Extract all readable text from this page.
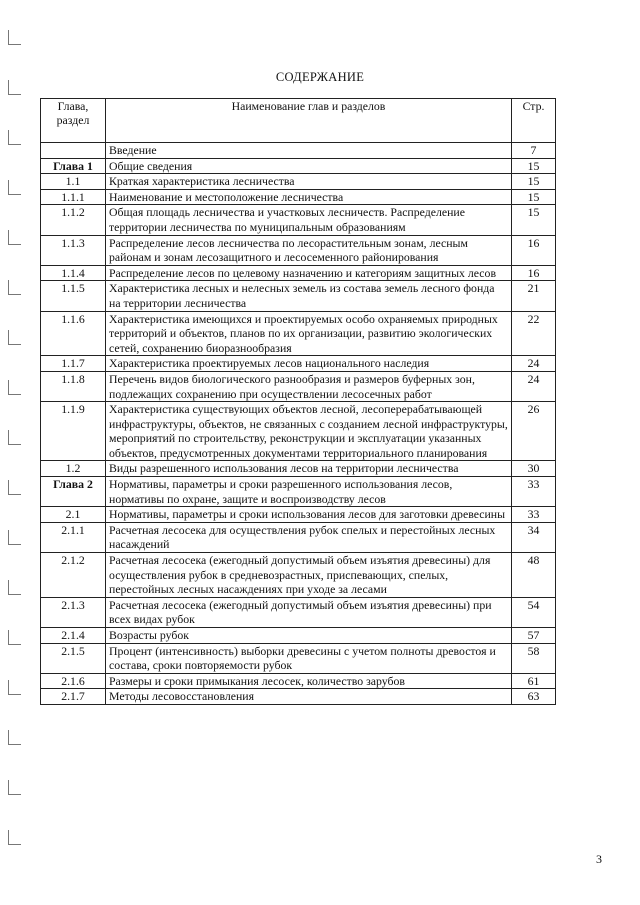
СОДЕРЖАНИЕ
Глава, раздел	Наименование глав и разделов	Стр.
	Введение	7
Глава 1	Общие сведения	15
1.1	Краткая характеристика лесничества	15
1.1.1	Наименование и местоположение лесничества	15
1.1.2	Общая площадь лесничества и участковых лесничеств. Распределение территории лесничества по муниципальным образованиям	15
1.1.3	Распределение лесов лесничества по лесорастительным зонам, лесным районам и зонам лесозащитного и лесосеменного районирования	16
1.1.4	Распределение лесов по целевому назначению и категориям защитных лесов	16
1.1.5	Характеристика лесных и нелесных земель из состава земель лесного фонда на территории лесничества	21
1.1.6	Характеристика имеющихся и проектируемых особо охраняемых природных территорий и объектов, планов по их организации, развитию экологических сетей, сохранению биоразнообразия	22
1.1.7	Характеристика проектируемых лесов национального наследия	24
1.1.8	Перечень видов биологического разнообразия и размеров буферных зон, подлежащих сохранению при осуществлении лесосечных работ	24
1.1.9	Характеристика существующих объектов лесной, лесоперерабатывающей инфраструктуры, объектов, не связанных с созданием лесной инфраструктуры, мероприятий по строительству, реконструкции и эксплуатации указанных объектов, предусмотренных документами территориального планирования	26
1.2	Виды разрешенного использования лесов на территории лесничества	30
Глава 2	Нормативы, параметры и сроки разрешенного использования лесов, нормативы по охране, защите и воспроизводству лесов	33
2.1	Нормативы, параметры и сроки использования лесов для заготовки древесины	33
2.1.1	Расчетная лесосека для осуществления рубок спелых и перестойных лесных насаждений	34
2.1.2	Расчетная лесосека (ежегодный допустимый объем изъятия древесины) для осуществления рубок в средневозрастных, приспевающих, спелых, перестойных лесных насаждениях при уходе за лесами	48
2.1.3	Расчетная лесосека (ежегодный допустимый объем изъятия древесины) при всех видах рубок	54
2.1.4	Возрасты рубок	57
2.1.5	Процент (интенсивность) выборки древесины с учетом полноты древостоя и состава, сроки повторяемости рубок	58
2.1.6	Размеры и сроки примыкания лесосек, количество зарубов	61
2.1.7	Методы лесовосстановления	63
3
